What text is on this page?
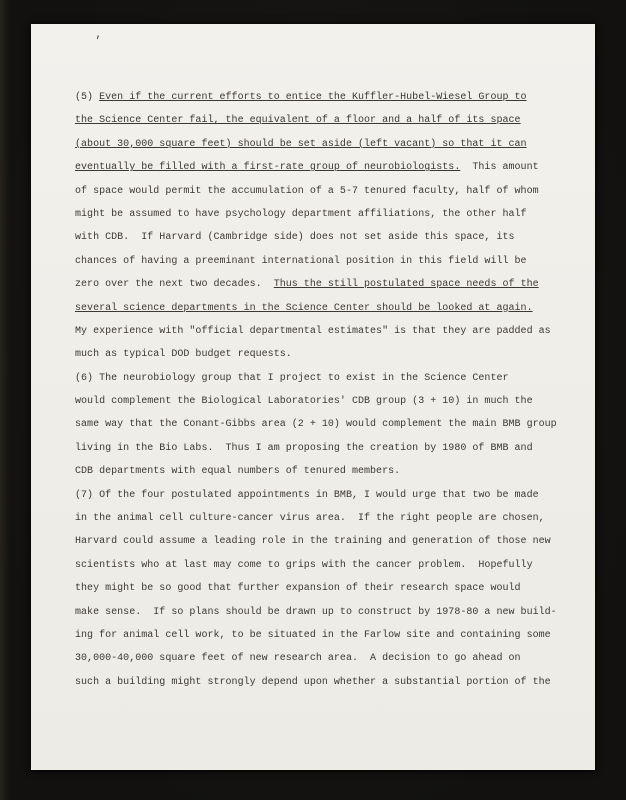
'
(5) Even if the current efforts to entice the Kuffler-Hubel-Wiesel Group to
the Science Center fail, the equivalent of a floor and a half of its space
(about 30,000 square feet) should be set aside (left vacant) so that it can
eventually be filled with a first-rate group of neurobiologists.  This amount
of space would permit the accumulation of a 5-7 tenured faculty, half of whom
might be assumed to have psychology department affiliations, the other half
with CDB.  If Harvard (Cambridge side) does not set aside this space, its
chances of having a preeminant international position in this field will be
zero over the next two decades.  Thus the still postulated space needs of the
several science departments in the Science Center should be looked at again.
My experience with "official departmental estimates" is that they are padded as
much as typical DOD budget requests.
(6) The neurobiology group that I project to exist in the Science Center
would complement the Biological Laboratories' CDB group (3 + 10) in much the
same way that the Conant-Gibbs area (2 + 10) would complement the main BMB group
living in the Bio Labs.  Thus I am proposing the creation by 1980 of BMB and
CDB departments with equal numbers of tenured members.
(7) Of the four postulated appointments in BMB, I would urge that two be made
in the animal cell culture-cancer virus area.  If the right people are chosen,
Harvard could assume a leading role in the training and generation of those new
scientists who at last may come to grips with the cancer problem.  Hopefully
they might be so good that further expansion of their research space would
make sense.  If so plans should be drawn up to construct by 1978-80 a new build-
ing for animal cell work, to be situated in the Farlow site and containing some
30,000-40,000 square feet of new research area.  A decision to go ahead on
such a building might strongly depend upon whether a substantial portion of the
